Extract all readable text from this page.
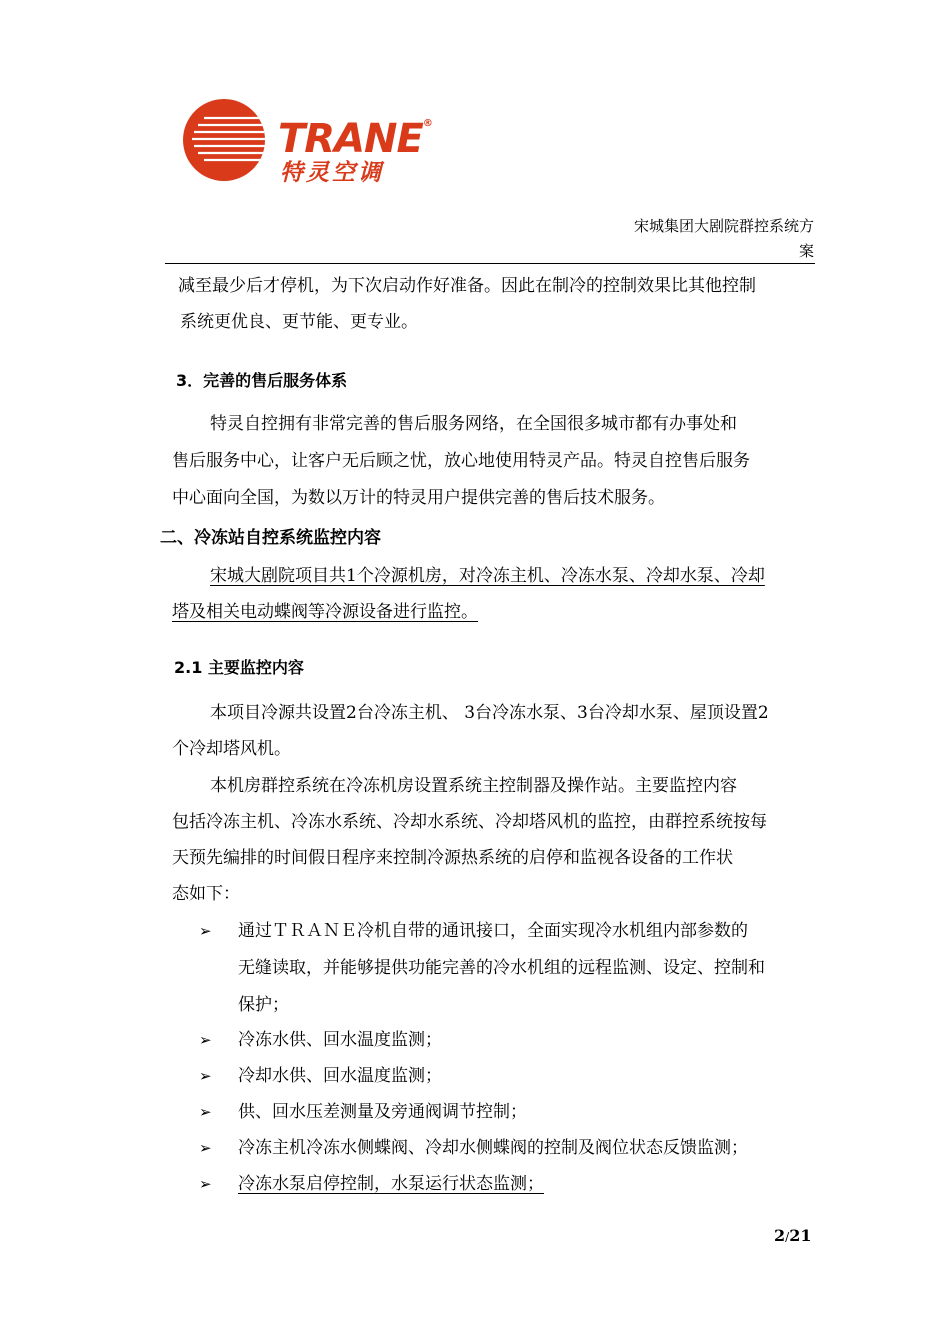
TRANE®
特灵空调
宋城集团大剧院群控系统方
案
减至最少后才停机，为下次启动作好准备。因此在制冷的控制效果比其他控制
系统更优良、更节能、更专业。
3．完善的售后服务体系
特灵自控拥有非常完善的售后服务网络，在全国很多城市都有办事处和
售后服务中心，让客户无后顾之忧，放心地使用特灵产品。特灵自控售后服务
中心面向全国，为数以万计的特灵用户提供完善的售后技术服务。
二、冷冻站自控系统监控内容
宋城大剧院项目共1个冷源机房，对冷冻主机、冷冻水泵、冷却水泵、冷却
塔及相关电动蝶阀等冷源设备进行监控。
2.1 主要监控内容
本项目冷源共设置2台冷冻主机、 3台冷冻水泵、3台冷却水泵、屋顶设置2
个冷却塔风机。
本机房群控系统在冷冻机房设置系统主控制器及操作站。主要监控内容
包括冷冻主机、冷冻水系统、冷却水系统、冷却塔风机的监控，由群控系统按每
天预先编排的时间假日程序来控制冷源热系统的启停和监视各设备的工作状
态如下：
➢ 通过ＴＲＡＮＥ冷机自带的通讯接口，全面实现冷水机组内部参数的
无缝读取，并能够提供功能完善的冷水机组的远程监测、设定、控制和
保护；
➢ 冷冻水供、回水温度监测；
➢ 冷却水供、回水温度监测；
➢ 供、回水压差测量及旁通阀调节控制；
➢ 冷冻主机冷冻水侧蝶阀、冷却水侧蝶阀的控制及阀位状态反馈监测；
➢ 冷冻水泵启停控制，水泵运行状态监测；
2/21
